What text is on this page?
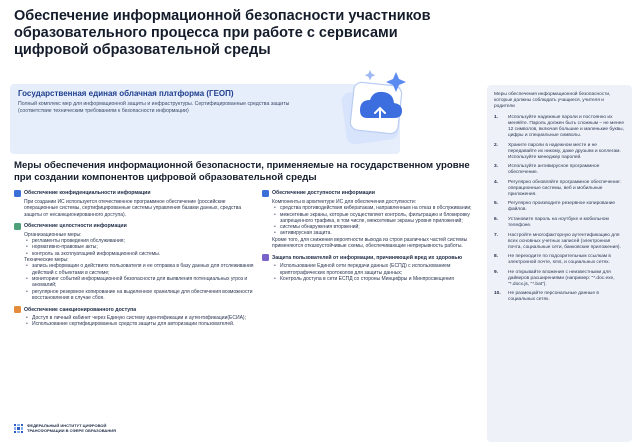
Обеспечение информационной безопасности участников образовательного процесса при работе с сервисами цифровой образовательной среды
Государственная единая облачная платформа (ГЕОП)
Полный комплекс мер для информационной защиты и инфраструктуры. Сертифицированные средства защиты (соответствие техническим требованиям к безопасности информации)
Меры обеспечения информационной безопасности, применяемые на государственном уровне при создании компонентов цифровой образовательной среды
Обеспечение конфиденциальности информации

При создании ИС используется отечественное программное обеспечение (российские операционные системы, сертифицированные системы управления базами данных, средства защиты от несанкционированного доступа).

Обеспечение целостности информации

Организационные меры:

• регламенты проведения обслуживания;
• нормативно-правовые акты;
• контроль за эксплуатацией информационной системы.

Технические меры:

• запись информации о действиях пользователя и ее отправка в базу данных для отслеживания действий с объектами в системе;
• мониторинг событий информационной безопасности для выявления потенциальных угроз и аномалий;
• регулярное резервное копирование на выделенное хранилище для обеспечения возможности восстановления в случае сбоя.
Обеспечение санкционированного доступа
• Доступ в личный кабинет через Единую систему идентификации и аутентификации(ЕСИА);
• Использование сертифицированных средств защиты для авторизации пользователей.
Обеспечение доступности информации

Компоненты в архитектуре ИС для обеспечения доступности:

• средства противодействия кибератакам, направленным на отказ в обслуживании;
• межсетевые экраны, которые осуществляют контроль, фильтрацию и блокировку запрещенного трафика, в том числе, межсетевые экраны уровня приложений;
• системы обнаружения вторжений;
• антивирусная защита.

Кроме того, для снижения вероятности выхода из строя различных частей системы применяются отказоустойчивые схемы, обеспечивающие непрерывность работы.

Защита пользователей от информации, причиняющей вред их здоровью
• Использование Единой сети передачи данных (ЕСПД) с использованием криптографических протоколов для защиты данных;
• Контроль доступа в сети ЕСПД со стороны Минцифры и Минпросвещения
Меры обеспечения информационной безопасности, которые должны соблюдать учащиеся, учителя и родители
1.	Используйте надежные пароли и постоянно их меняйте. Пароль должен быть сложным – не менее 12 символов, включая большие и маленькие буквы, цифры и специальные символы.
2.	Храните пароли в надежном месте и не передавайте их никому, даже друзьям и коллегам. Используйте менеджер паролей.
3.	Используйте антивирусное программное обеспечение.
4.	Регулярно обновляйте программное обеспечение: операционные системы, веб и мобильные приложения.
5.	Регулярно производите резервное копирование файлов.
6.	Установите пароль на ноутбуке и мобильном телефоне.
7.	Настройте многофакторную аутентификацию для всех основных учетных записей (электронная почта, социальные сети, банковские приложения).
8.	Не переходите по подозрительным ссылкам в электронной почте, sms, и социальных сетях.
9.	Не открывайте вложения с неизвестными для дайверов расширениями (например: "*.doc.exe, "*.docx.js, "*.bat").
10.	Не размещайте персональные данные в социальных сетях.
ФЕДЕРАЛЬНЫЙ ИНСТИТУТ ЦИФРОВОЙ ТРАНСФОРМАЦИИ В СФЕРЕ ОБРАЗОВАНИЯ
